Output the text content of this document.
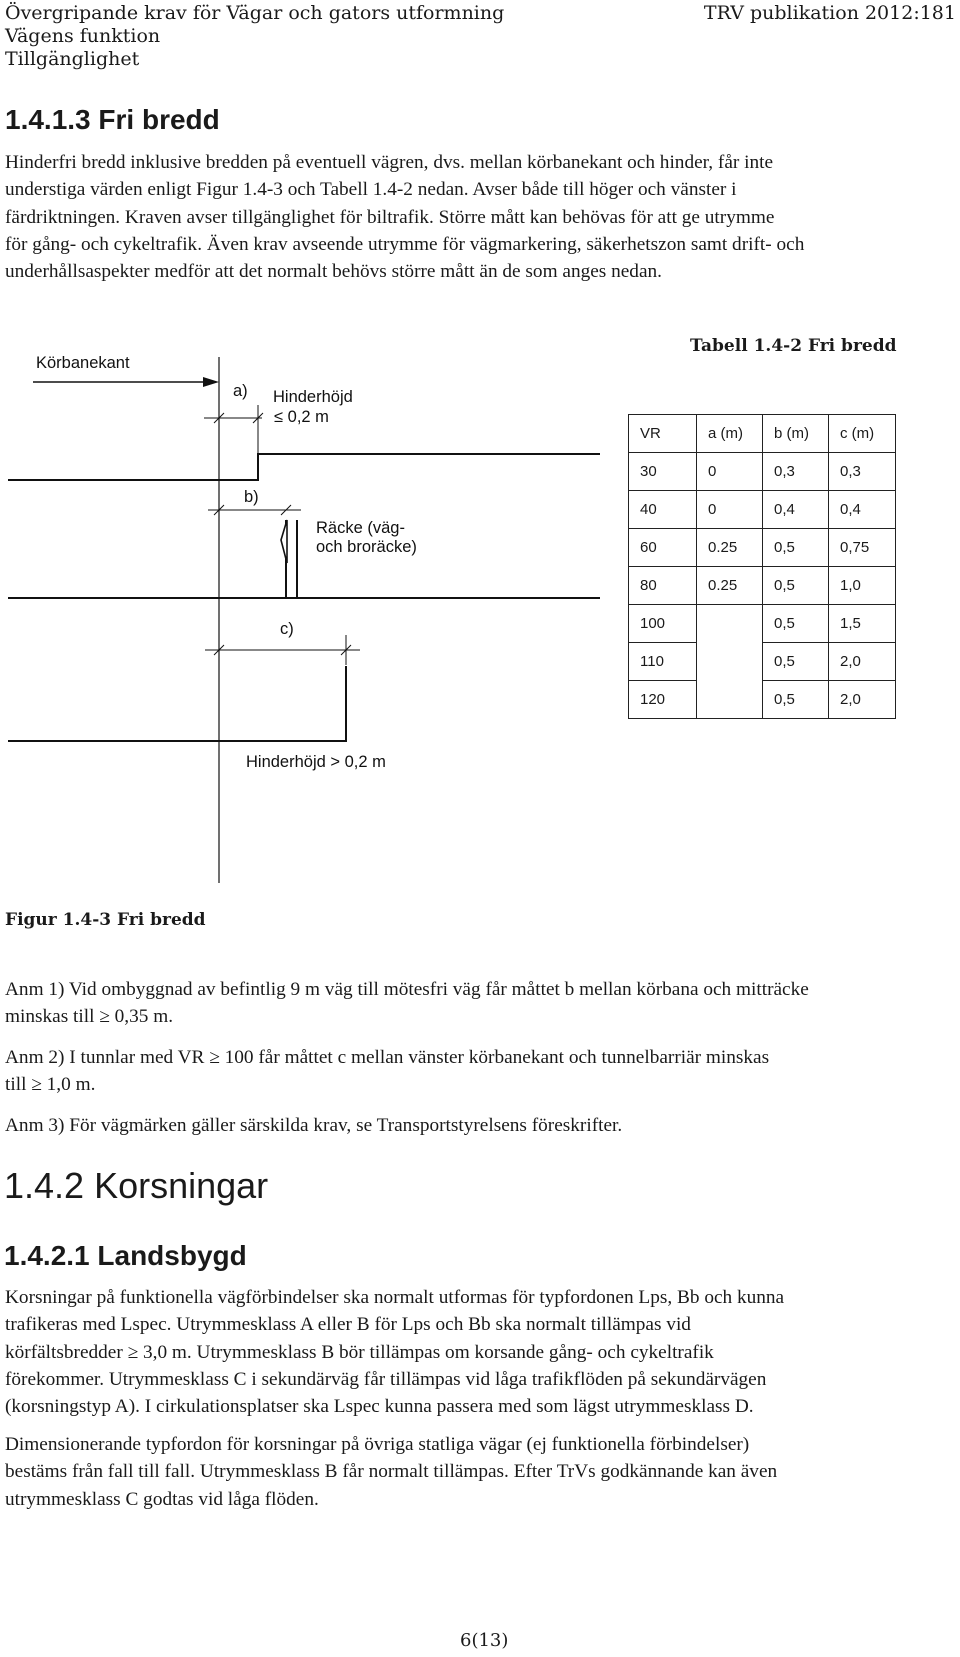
Övergripande krav för Vägar och gators utformning
Vägens funktion
Tillgänglighet
TRV publikation 2012:181
1.4.1.3 Fri bredd
Hinderfri bredd inklusive bredden på eventuell vägren, dvs. mellan körbanekant och hinder, får inte
understiga värden enligt Figur 1.4-3 och Tabell 1.4-2 nedan. Avser både till höger och vänster i
färdriktningen. Kraven avser tillgänglighet för biltrafik. Större mått kan behövas för att ge utrymme
för gång- och cykeltrafik. Även krav avseende utrymme för vägmarkering, säkerhetszon samt drift- och
underhållsaspekter medför att det normalt behövs större mått än de som anges nedan.
Körbanekant
a) Hinderhöjd
≤ 0,2 m
b)
Räcke (väg-
och broräcke)
c)
Hinderhöjd > 0,2 m
Tabell 1.4-2 Fri bredd
VR	a (m)	b (m)	c (m)
30	0	0,3	0,3
40	0	0,4	0,4
60	0.25	0,5	0,75
80	0.25	0,5	1,0
100		0,5	1,5
110		0,5	2,0
120		0,5	2,0
Figur 1.4-3 Fri bredd
Anm 1) Vid ombyggnad av befintlig 9 m väg till mötesfri väg får måttet b mellan körbana och mitträcke
minskas till ≥ 0,35 m.
Anm 2) I tunnlar med VR ≥ 100 får måttet c mellan vänster körbanekant och tunnelbarriär minskas
till ≥ 1,0 m.
Anm 3) För vägmärken gäller särskilda krav, se Transportstyrelsens föreskrifter.
1.4.2 Korsningar
1.4.2.1 Landsbygd
Korsningar på funktionella vägförbindelser ska normalt utformas för typfordonen Lps, Bb och kunna
trafikeras med Lspec. Utrymmesklass A eller B för Lps och Bb ska normalt tillämpas vid
körfältsbredder ≥ 3,0 m. Utrymmesklass B bör tillämpas om korsande gång- och cykeltrafik
förekommer. Utrymmesklass C i sekundärväg får tillämpas vid låga trafikflöden på sekundärvägen
(korsningstyp A). I cirkulationsplatser ska Lspec kunna passera med som lägst utrymmesklass D.
Dimensionerande typfordon för korsningar på övriga statliga vägar (ej funktionella förbindelser)
bestäms från fall till fall. Utrymmesklass B får normalt tillämpas. Efter TrVs godkännande kan även
utrymmesklass C godtas vid låga flöden.
6(13)
